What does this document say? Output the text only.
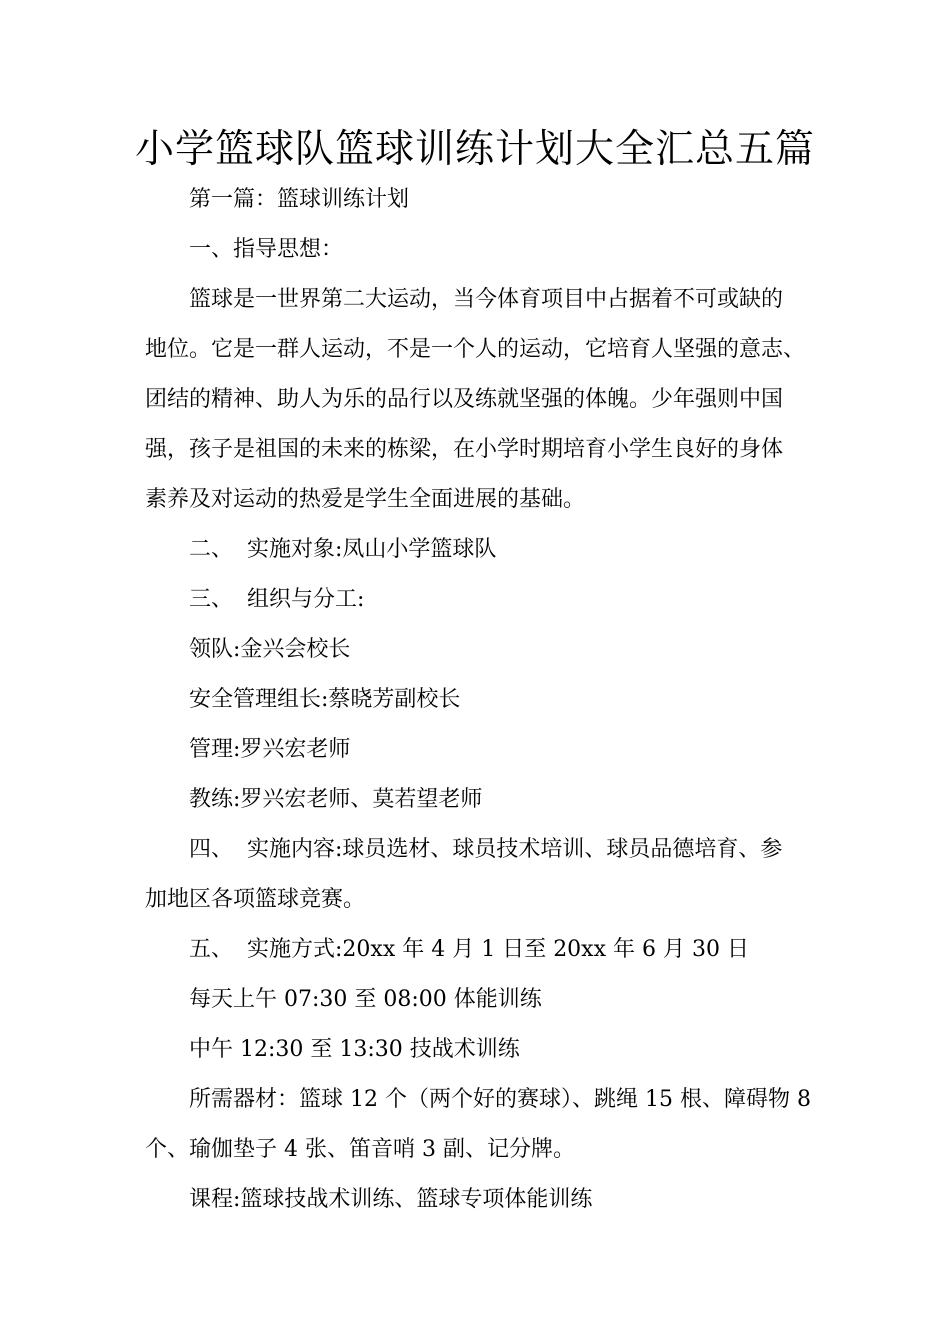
小学篮球队篮球训练计划大全汇总五篇

第一篇：篮球训练计划

一、指导思想：

篮球是一世界第二大运动，当今体育项目中占据着不可或缺的

地位。它是一群人运动，不是一个人的运动，它培育人坚强的意志、

团结的精神、助人为乐的品行以及练就坚强的体魄。少年强则中国

强，孩子是祖国的未来的栋梁，在小学时期培育小学生良好的身体

素养及对运动的热爱是学生全面进展的基础。

二、 实施对象:凤山小学篮球队

三、 组织与分工:

领队:金兴会校长

安全管理组长:蔡晓芳副校长

管理:罗兴宏老师

教练:罗兴宏老师、莫若望老师

四、 实施内容:球员选材、球员技术培训、球员品德培育、参

加地区各项篮球竞赛。

五、 实施方式:20xx 年 4 月 1 日至 20xx 年 6 月 30 日

每天上午 07:30 至 08:00 体能训练

中午 12:30 至 13:30 技战术训练

所需器材：篮球 12 个（两个好的赛球）、跳绳 15 根、障碍物 8

个、瑜伽垫子 4 张、笛音哨 3 副、记分牌。

课程:篮球技战术训练、篮球专项体能训练
